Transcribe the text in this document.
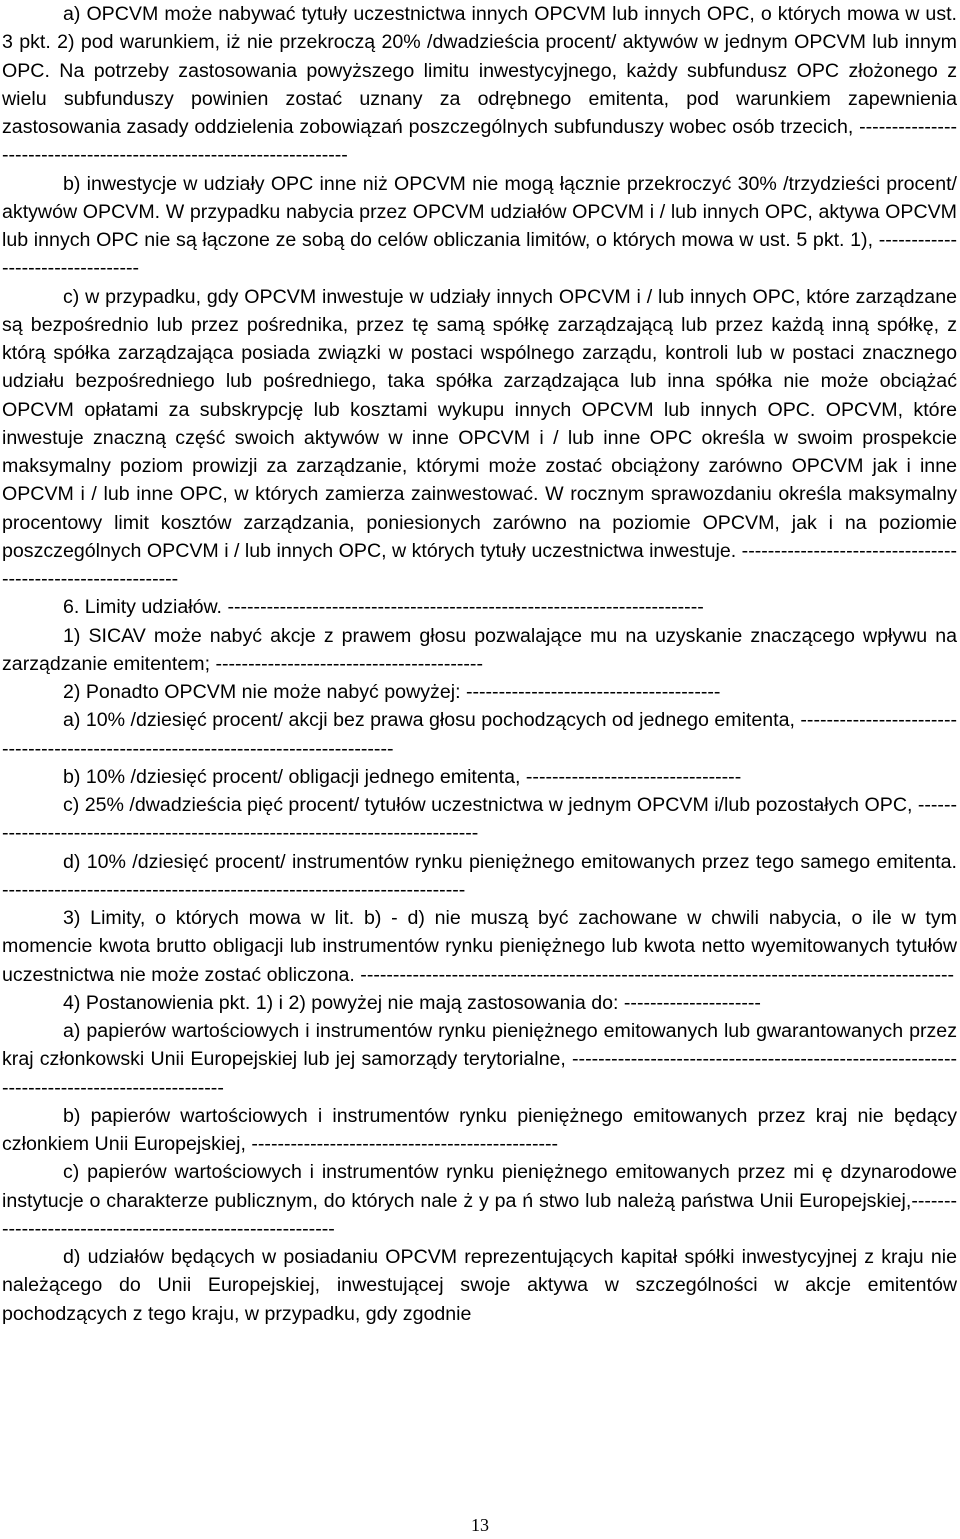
a) OPCVM może nabywać tytuły uczestnictwa innych OPCVM lub innych OPC, o których mowa w ust. 3 pkt. 2) pod warunkiem, iż nie przekroczą 20% /dwadzieścia procent/ aktywów w jednym OPCVM lub innym OPC. Na potrzeby zastosowania powyższego limitu inwestycyjnego, każdy subfundusz OPC złożonego z wielu subfunduszy powinien zostać uznany za odrębnego emitenta, pod warunkiem zapewnienia zastosowania zasady oddzielenia zobowiązań poszczególnych subfunduszy wobec osób trzecich, --------------------------------------------------------------------

b) inwestycje w udziały OPC inne niż OPCVM nie mogą łącznie przekroczyć 30% /trzydzieści procent/ aktywów OPCVM. W przypadku nabycia przez OPCVM udziałów OPCVM i / lub innych OPC, aktywa OPCVM lub innych OPC nie są łączone ze sobą do celów obliczania limitów, o których mowa w ust. 5 pkt. 1), ---------------------------------

c) w przypadku, gdy OPCVM inwestuje w udziały innych OPCVM i / lub innych OPC, które zarządzane są bezpośrednio lub przez pośrednika, przez tę samą spółkę zarządzającą lub przez każdą inną spółkę, z którą spółka zarządzająca posiada związki w postaci wspólnego zarządu, kontroli lub w postaci znacznego udziału bezpośredniego lub pośredniego, taka spółka zarządzająca lub inna spółka nie może obciążać OPCVM opłatami za subskrypcję lub kosztami wykupu innych OPCVM lub innych OPC. OPCVM, które inwestuje znaczną część swoich aktywów w inne OPCVM i / lub inne OPC określa w swoim prospekcie maksymalny poziom prowizji za zarządzanie, którymi może zostać obciążony zarówno OPCVM jak i inne OPCVM i / lub inne OPC, w których zamierza zainwestować. W rocznym sprawozdaniu określa maksymalny procentowy limit kosztów zarządzania, poniesionych zarówno na poziomie OPCVM, jak i na poziomie poszczególnych OPCVM i / lub innych OPC, w których tytuły uczestnictwa inwestuje. ------------------------------------------------------------

6. Limity udziałów. -------------------------------------------------------------------------

1) SICAV może nabyć akcje z prawem głosu pozwalające mu na uzyskanie znaczącego wpływu na zarządzanie emitentem; -----------------------------------------

2) Ponadto OPCVM nie może nabyć powyżej: ---------------------------------------

a) 10% /dziesięć procent/ akcji bez prawa głosu pochodzących od jednego emitenta, ------------------------------------------------------------------------------------

b) 10% /dziesięć procent/ obligacji jednego emitenta, ---------------------------------

c) 25% /dwadzieścia pięć procent/ tytułów uczestnictwa w jednym OPCVM i/lub pozostałych OPC, -------------------------------------------------------------------------------

d) 10% /dziesięć procent/ instrumentów rynku pieniężnego emitowanych przez tego samego emitenta. -----------------------------------------------------------------------

3) Limity, o których mowa w lit. b) - d) nie muszą być zachowane w chwili nabycia, o ile w tym momencie kwota brutto obligacji lub instrumentów rynku pieniężnego lub kwota netto wyemitowanych tytułów uczestnictwa nie może zostać obliczona. -------------------------------------------------------------------------------------------

4) Postanowienia pkt. 1) i 2) powyżej nie mają zastosowania do: ---------------------

a) papierów wartościowych i instrumentów rynku pieniężnego emitowanych lub gwarantowanych przez kraj członkowski Unii Europejskiej lub jej samorządy terytorialne, ---------------------------------------------------------------------------------------------

b) papierów wartościowych i instrumentów rynku pieniężnego emitowanych przez kraj nie będący członkiem Unii Europejskiej, -----------------------------------------------

c) papierów wartościowych i instrumentów rynku pieniężnego emitowanych przez mi ę dzynarodowe instytucje o charakterze publicznym, do których nale ż y pa ń stwo lub należą państwa Unii Europejskiej,----------------------------------------------------------

d) udziałów będących w posiadaniu OPCVM reprezentujących kapitał spółki inwestycyjnej z kraju nie należącego do Unii Europejskiej, inwestującej swoje aktywa w szczególności w akcje emitentów pochodzących z tego kraju, w przypadku, gdy zgodnie

13
